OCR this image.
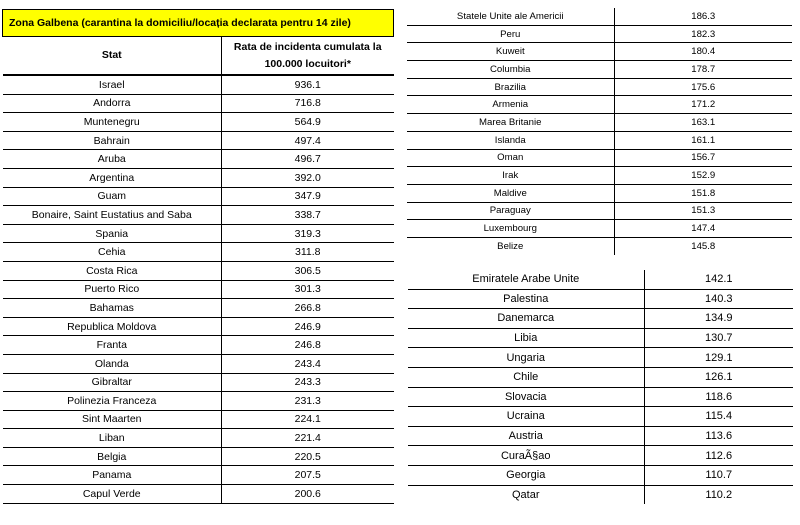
Zona Galbena (carantina la domiciliu/locația declarata pentru 14 zile)	
Stat	Rata de incidenta cumulata la 100.000 locuitori*
Israel	936.1
Andorra	716.8
Muntenegru	564.9
Bahrain	497.4
Aruba	496.7
Argentina	392.0
Guam	347.9
Bonaire, Saint Eustatius and Saba	338.7
Spania	319.3
Cehia	311.8
Costa Rica	306.5
Puerto Rico	301.3
Bahamas	266.8
Republica Moldova	246.9
Franta	246.8
Olanda	243.4
Gibraltar	243.3
Polinezia Franceza	231.3
Sint Maarten	224.1
Liban	221.4
Belgia	220.5
Panama	207.5
Capul Verde	200.6
Statele Unite ale Americii	186.3
Peru	182.3
Kuweit	180.4
Columbia	178.7
Brazilia	175.6
Armenia	171.2
Marea Britanie	163.1
Islanda	161.1
Oman	156.7
Irak	152.9
Maldive	151.8
Paraguay	151.3
Luxembourg	147.4
Belize	145.8
Emiratele Arabe Unite	142.1
Palestina	140.3
Danemarca	134.9
Libia	130.7
Ungaria	129.1
Chile	126.1
Slovacia	118.6
Ucraina	115.4
Austria	113.6
CuraÃ§ao	112.6
Georgia	110.7
Qatar	110.2
